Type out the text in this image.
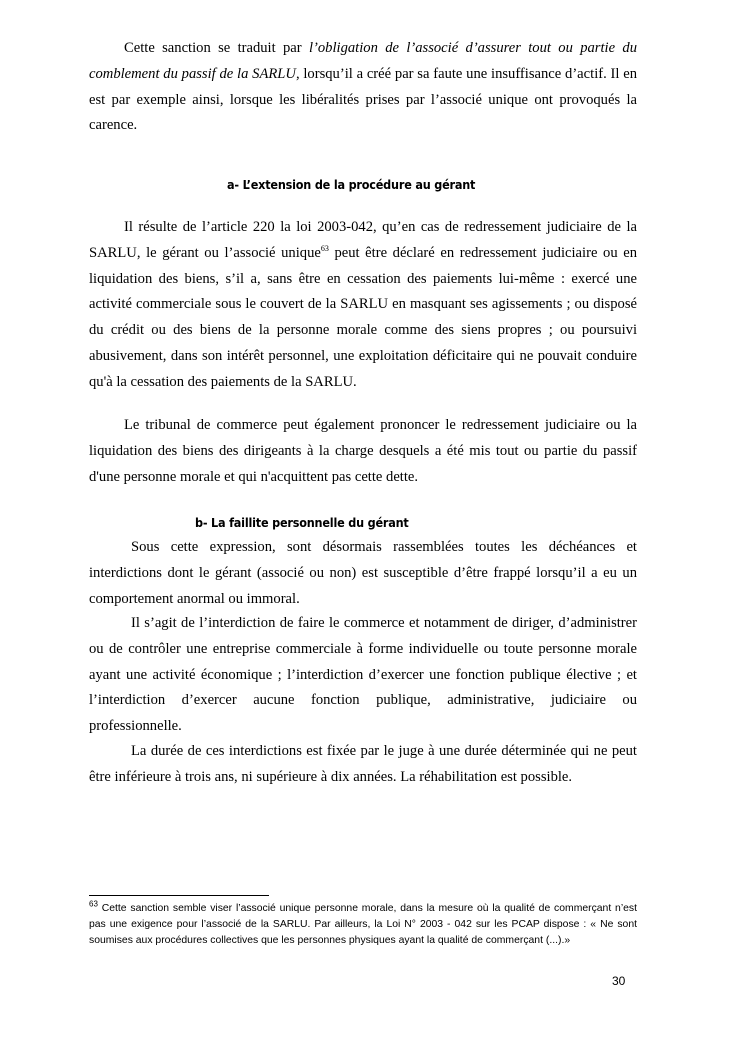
Cette sanction se traduit par l’obligation de l’associé d’assurer tout ou partie du comblement du passif de la SARLU, lorsqu’il a créé par sa faute une insuffisance d’actif. Il en est par exemple ainsi, lorsque les libéralités prises par l’associé unique ont provoqués la carence.

a- L’extension de la procédure au gérant

Il résulte de l’article 220 la loi 2003-042, qu’en cas de redressement judiciaire de la SARLU, le gérant ou l’associé unique$^{63}$ peut être déclaré en redressement judiciaire ou en liquidation des biens, s’il a, sans être en cessation des paiements lui-même : exercé une activité commerciale sous le couvert de la SARLU en masquant ses agissements ; ou disposé du crédit ou des biens de la personne morale comme des siens propres ; ou poursuivi abusivement, dans son intérêt personnel, une exploitation déficitaire qui ne pouvait conduire qu'à la cessation des paiements de la SARLU.

Le tribunal de commerce peut également prononcer le redressement judiciaire ou la liquidation des biens des dirigeants à la charge desquels a été mis tout ou partie du passif d'une personne morale et qui n'acquittent pas cette dette.

b- La faillite personnelle du gérant

Sous cette expression, sont désormais rassemblées toutes les déchéances et interdictions dont le gérant (associé ou non) est susceptible d’être frappé lorsqu’il a eu un comportement anormal ou immoral.

Il s’agit de l’interdiction de faire le commerce et notamment de diriger, d’administrer ou de contrôler une entreprise commerciale à forme individuelle ou toute personne morale ayant une activité économique ; l’interdiction d’exercer une fonction publique élective ; et l’interdiction d’exercer aucune fonction publique, administrative, judiciaire ou professionnelle.

La durée de ces interdictions est fixée par le juge à une durée déterminée qui ne peut être inférieure à trois ans, ni supérieure à dix années. La réhabilitation est possible.

$^{63}$ Cette sanction semble viser l’associé unique personne morale, dans la mesure où la qualité de commerçant n’est pas une exigence pour l’associé de la SARLU. Par ailleurs, la Loi N° 2003 - 042 sur les PCAP dispose : « Ne sont soumises aux procédures collectives que les personnes physiques ayant la qualité de commerçant (...).»

30
